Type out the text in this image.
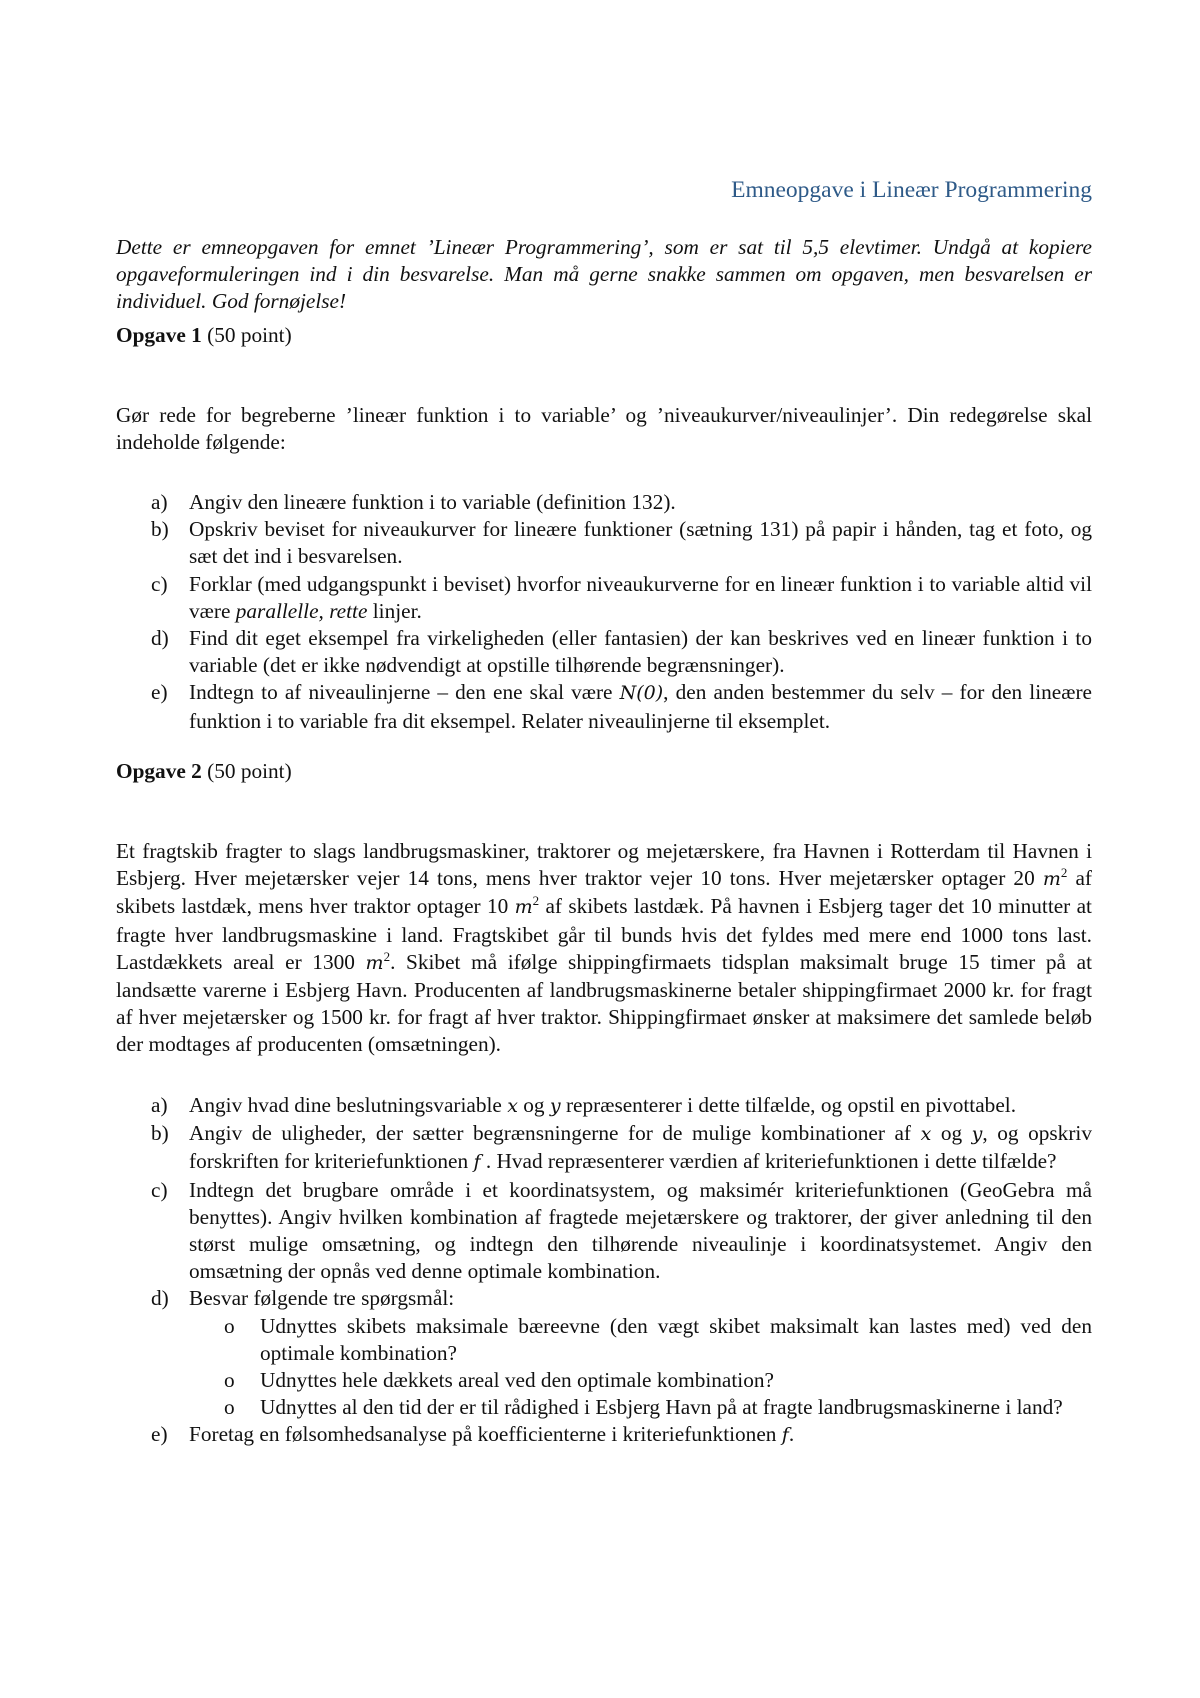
Emneopgave i Lineær Programmering

Dette er emneopgaven for emnet ’Lineær Programmering’, som er sat til 5,5 elevtimer. Undgå at kopiere opgaveformuleringen ind i din besvarelse. Man må gerne snakke sammen om opgaven, men besvarelsen er individuel. God fornøjelse!

Opgave 1 (50 point)

Gør rede for begreberne ’lineær funktion i to variable’ og ’niveaukurver/niveaulinjer’. Din redegørelse skal indeholde følgende:

a) Angiv den lineære funktion i to variable (definition 132).
b) Opskriv beviset for niveaukurver for lineære funktioner (sætning 131) på papir i hånden, tag et foto, og sæt det ind i besvarelsen.
c) Forklar (med udgangspunkt i beviset) hvorfor niveaukurverne for en lineær funktion i to variable altid vil være parallelle, rette linjer.
d) Find dit eget eksempel fra virkeligheden (eller fantasien) der kan beskrives ved en lineær funktion i to variable (det er ikke nødvendigt at opstille tilhørende begrænsninger).
e) Indtegn to af niveaulinjerne – den ene skal være N(0), den anden bestemmer du selv – for den lineære funktion i to variable fra dit eksempel. Relater niveaulinjerne til eksemplet.

Opgave 2 (50 point)

Et fragtskib fragter to slags landbrugsmaskiner, traktorer og mejetærskere, fra Havnen i Rotterdam til Havnen i Esbjerg. Hver mejetærsker vejer 14 tons, mens hver traktor vejer 10 tons. Hver mejetærsker optager 20 $m^2$ af skibets lastdæk, mens hver traktor optager 10 $m^2$ af skibets lastdæk. På havnen i Esbjerg tager det 10 minutter at fragte hver landbrugsmaskine i land. Fragtskibet går til bunds hvis det fyldes med mere end 1000 tons last. Lastdækkets areal er 1300 $m^2$. Skibet må ifølge shippingfirmaets tidsplan maksimalt bruge 15 timer på at landsætte varerne i Esbjerg Havn. Producenten af landbrugsmaskinerne betaler shippingfirmaet 2000 kr. for fragt af hver mejetærsker og 1500 kr. for fragt af hver traktor. Shippingfirmaet ønsker at maksimere det samlede beløb der modtages af producenten (omsætningen).

a) Angiv hvad dine beslutningsvariable x og y repræsenterer i dette tilfælde, og opstil en pivottabel.
b) Angiv de uligheder, der sætter begrænsningerne for de mulige kombinationer af x og y, og opskriv forskriften for kriteriefunktionen f . Hvad repræsenterer værdien af kriteriefunktionen i dette tilfælde?
c) Indtegn det brugbare område i et koordinatsystem, og maksimér kriteriefunktionen (GeoGebra må benyttes). Angiv hvilken kombination af fragtede mejetærskere og traktorer, der giver anledning til den størst mulige omsætning, og indtegn den tilhørende niveaulinje i koordinatsystemet. Angiv den omsætning der opnås ved denne optimale kombination.
d) Besvar følgende tre spørgsmål:
o Udnyttes skibets maksimale bæreevne (den vægt skibet maksimalt kan lastes med) ved den optimale kombination?
o Udnyttes hele dækkets areal ved den optimale kombination?
o Udnyttes al den tid der er til rådighed i Esbjerg Havn på at fragte landbrugsmaskinerne i land?
e) Foretag en følsomhedsanalyse på koefficienterne i kriteriefunktionen f.
